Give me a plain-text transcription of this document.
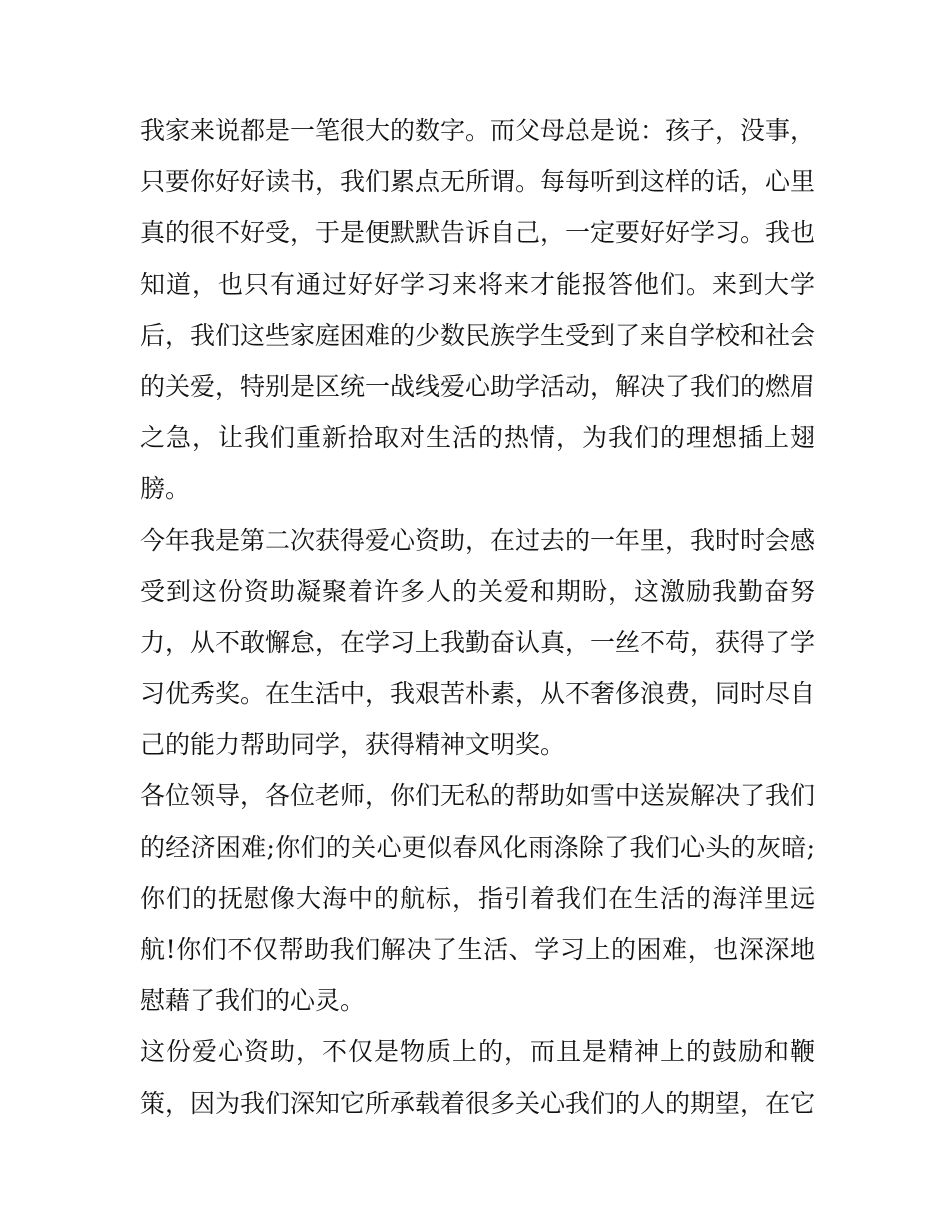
我家来说都是一笔很大的数字。而父母总是说：孩子，没事，
只要你好好读书，我们累点无所谓。每每听到这样的话，心里
真的很不好受，于是便默默告诉自己，一定要好好学习。我也
知道，也只有通过好好学习来将来才能报答他们。来到大学
后，我们这些家庭困难的少数民族学生受到了来自学校和社会
的关爱，特别是区统一战线爱心助学活动，解决了我们的燃眉
之急，让我们重新拾取对生活的热情，为我们的理想插上翅
膀。
今年我是第二次获得爱心资助，在过去的一年里，我时时会感
受到这份资助凝聚着许多人的关爱和期盼，这激励我勤奋努
力，从不敢懈怠，在学习上我勤奋认真，一丝不苟，获得了学
习优秀奖。在生活中，我艰苦朴素，从不奢侈浪费，同时尽自
己的能力帮助同学，获得精神文明奖。
各位领导，各位老师，你们无私的帮助如雪中送炭解决了我们
的经济困难;你们的关心更似春风化雨涤除了我们心头的灰暗;
你们的抚慰像大海中的航标，指引着我们在生活的海洋里远
航!你们不仅帮助我们解决了生活、学习上的困难，也深深地
慰藉了我们的心灵。
这份爱心资助，不仅是物质上的，而且是精神上的鼓励和鞭
策，因为我们深知它所承载着很多关心我们的人的期望，在它
